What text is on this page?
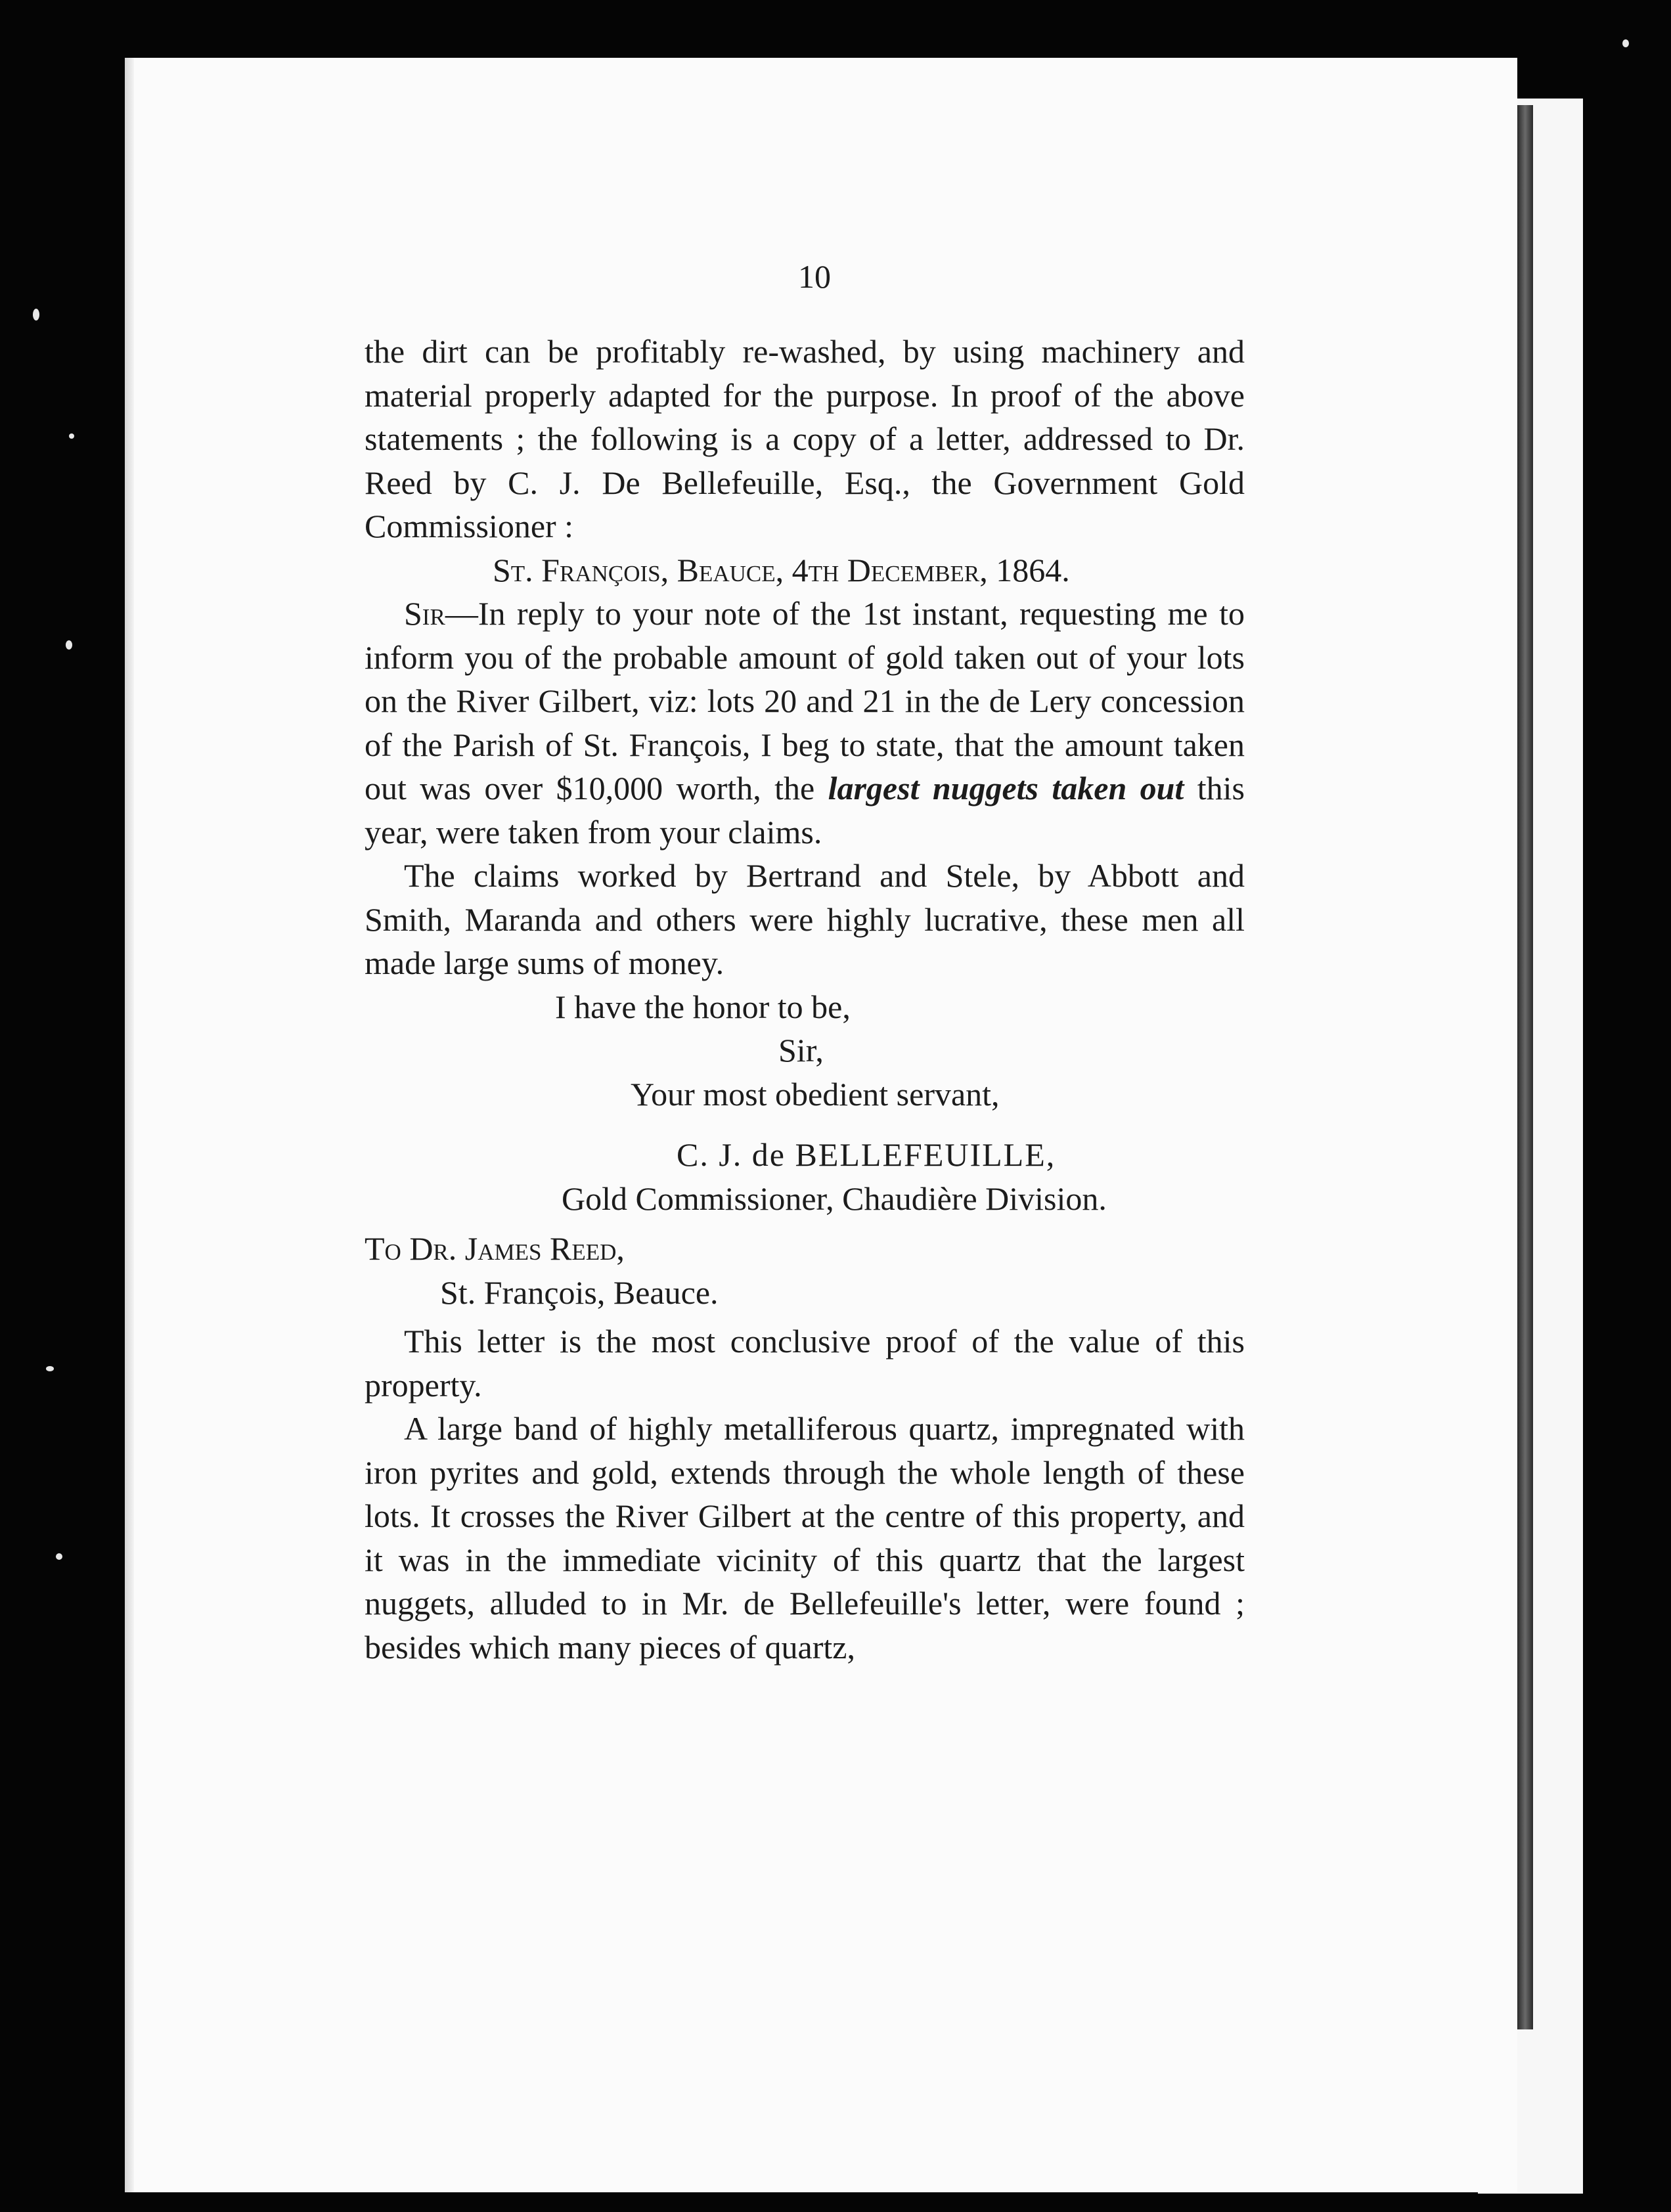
10

the dirt can be profitably re-washed, by using machinery and material properly adapted for the purpose. In proof of the above statements ; the following is a copy of a letter, addressed to Dr. Reed by C. J. De Bellefeuille, Esq., the Government Gold Commissioner :

St. François, Beauce, 4th December, 1864.

Sir—In reply to your note of the 1st instant, requesting me to inform you of the probable amount of gold taken out of your lots on the River Gilbert, viz: lots 20 and 21 in the de Lery concession of the Parish of St. François, I beg to state, that the amount taken out was over $10,000 worth, the largest nuggets taken out this year, were taken from your claims.

The claims worked by Bertrand and Stele, by Abbott and Smith, Maranda and others were highly lucrative, these men all made large sums of money.

I have the honor to be,

Sir,

Your most obedient servant,

C. J. de BELLEFEUILLE,

Gold Commissioner, Chaudière Division.

To Dr. James Reed,

St. François, Beauce.

This letter is the most conclusive proof of the value of this property.

A large band of highly metalliferous quartz, impregnated with iron pyrites and gold, extends through the whole length of these lots. It crosses the River Gilbert at the centre of this property, and it was in the immediate vicinity of this quartz that the largest nuggets, alluded to in Mr. de Bellefeuille's letter, were found ; besides which many pieces of quartz,
